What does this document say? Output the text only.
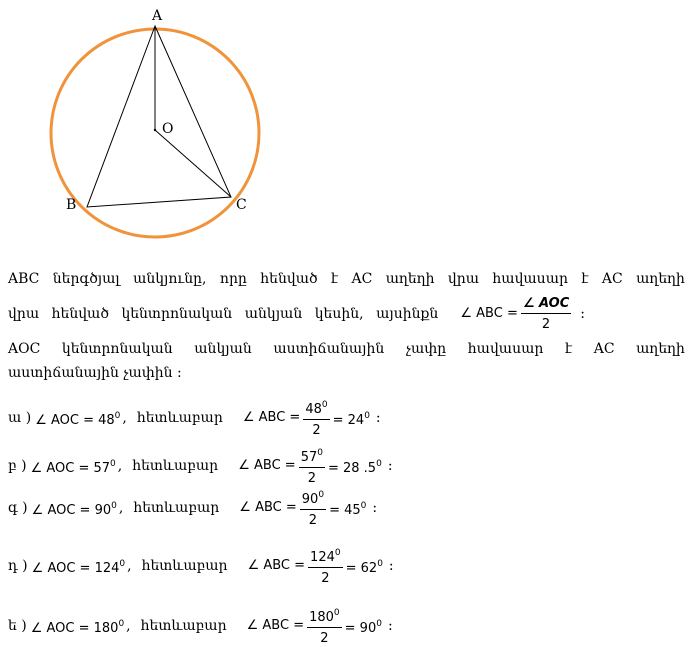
A
B	C
O
ABC ներգծյալ անկյունը, որը հենված է AC աղեղի վրա հավասար է AC աղեղի
վրա հենված կենտրոնական անկյան կեսին, այսինքն ∠ ABC = $\frac{\text{∠ AOC}}{2}$ :
AOC կենտրոնական անկյան աստիճանային չափը հավասար է AC աղեղի
աստիճանային չափին :
ա ) ∠ AOC = $48^0$ , հետևաբար ∠ ABC = $\frac{48^0}{2} = 24^0$ :
բ ) ∠ AOC = $57^0$ , հետևաբար ∠ ABC = $\frac{57^0}{2} = 28$ $.5^0$ :
գ ) ∠ AOC = $90^0$ , հետևաբար ∠ ABC = $\frac{90^0}{2} = 45^0$ :
դ ) ∠ AOC = $124^0$ , հետևաբար ∠ ABC = $\frac{124^0}{2} = 62^0$ :
ե ) ∠ AOC = $180^0$ , հետևաբար ∠ ABC = $\frac{180^0}{2} = 90^0$ :
